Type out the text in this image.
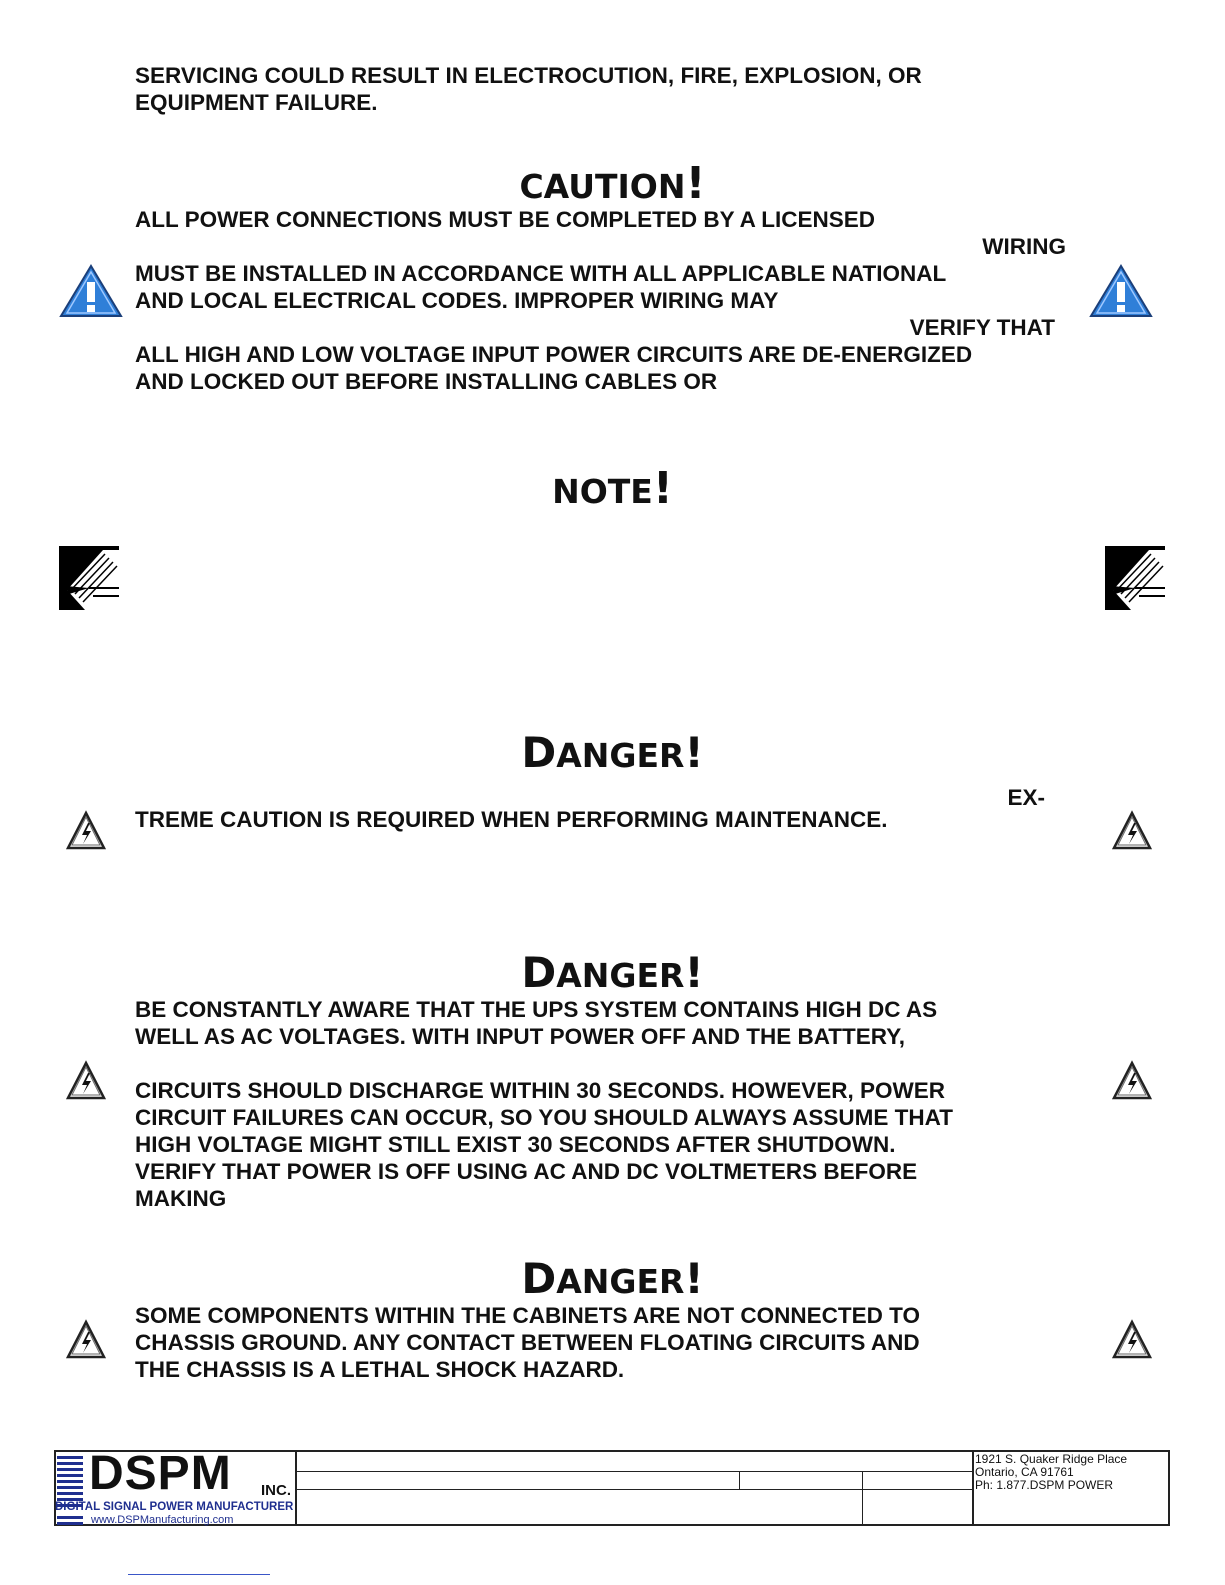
SERVICING COULD RESULT IN ELECTROCUTION, FIRE, EXPLOSION, OR

EQUIPMENT FAILURE.

CAUTION!

ALL POWER CONNECTIONS MUST BE COMPLETED BY A LICENSED

WIRING

MUST BE INSTALLED IN ACCORDANCE WITH ALL APPLICABLE NATIONAL

AND LOCAL ELECTRICAL CODES. IMPROPER WIRING MAY

VERIFY THAT

ALL HIGH AND LOW VOLTAGE INPUT POWER CIRCUITS ARE DE-ENERGIZED

AND LOCKED OUT BEFORE INSTALLING CABLES OR

NOTE!
DANGER!

EX-

TREME CAUTION IS REQUIRED WHEN PERFORMING MAINTENANCE.

DANGER!

BE CONSTANTLY AWARE THAT THE UPS SYSTEM CONTAINS HIGH DC AS

WELL AS AC VOLTAGES. WITH INPUT POWER OFF AND THE BATTERY,

CIRCUITS SHOULD DISCHARGE WITHIN 30 SECONDS. HOWEVER, POWER

CIRCUIT FAILURES CAN OCCUR, SO YOU SHOULD ALWAYS ASSUME THAT

HIGH VOLTAGE MIGHT STILL EXIST 30 SECONDS AFTER SHUTDOWN.

VERIFY THAT POWER IS OFF USING AC AND DC VOLTMETERS BEFORE

MAKING

DANGER!

SOME COMPONENTS WITHIN THE CABINETS ARE NOT CONNECTED TO

CHASSIS GROUND. ANY CONTACT BETWEEN FLOATING CIRCUITS AND

THE CHASSIS IS A LETHAL SHOCK HAZARD.

DSPM INC.
DIGITAL SIGNAL POWER MANUFACTURER
www.DSPManufacturing.com
1921 S. Quaker Ridge Place
Ontario, CA 91761
Ph: 1.877.DSPM POWER
